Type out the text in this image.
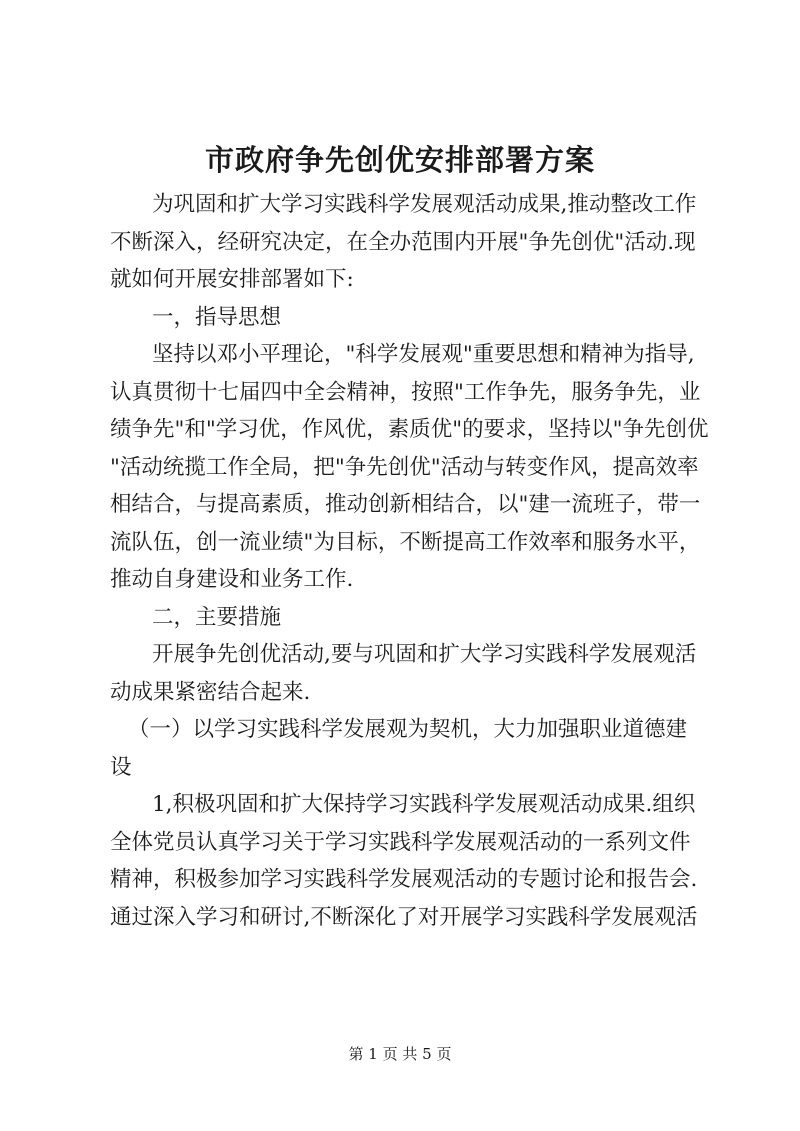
市政府争先创优安排部署方案
为巩固和扩大学习实践科学发展观活动成果,推动整改工作
不断深入，经研究决定，在全办范围内开展"争先创优"活动.现
就如何开展安排部署如下:
一，指导思想
坚持以邓小平理论，"科学发展观"重要思想和精神为指导,
认真贯彻十七届四中全会精神，按照"工作争先，服务争先，业
绩争先"和"学习优，作风优，素质优"的要求，坚持以"争先创优
"活动统揽工作全局，把"争先创优"活动与转变作风，提高效率
相结合，与提高素质，推动创新相结合，以"建一流班子，带一
流队伍，创一流业绩"为目标，不断提高工作效率和服务水平，
推动自身建设和业务工作.
二，主要措施
开展争先创优活动,要与巩固和扩大学习实践科学发展观活
动成果紧密结合起来.
（一）以学习实践科学发展观为契机，大力加强职业道德建
设
1,积极巩固和扩大保持学习实践科学发展观活动成果.组织
全体党员认真学习关于学习实践科学发展观活动的一系列文件
精神，积极参加学习实践科学发展观活动的专题讨论和报告会.
通过深入学习和研讨,不断深化了对开展学习实践科学发展观活
第 1 页 共 5 页
